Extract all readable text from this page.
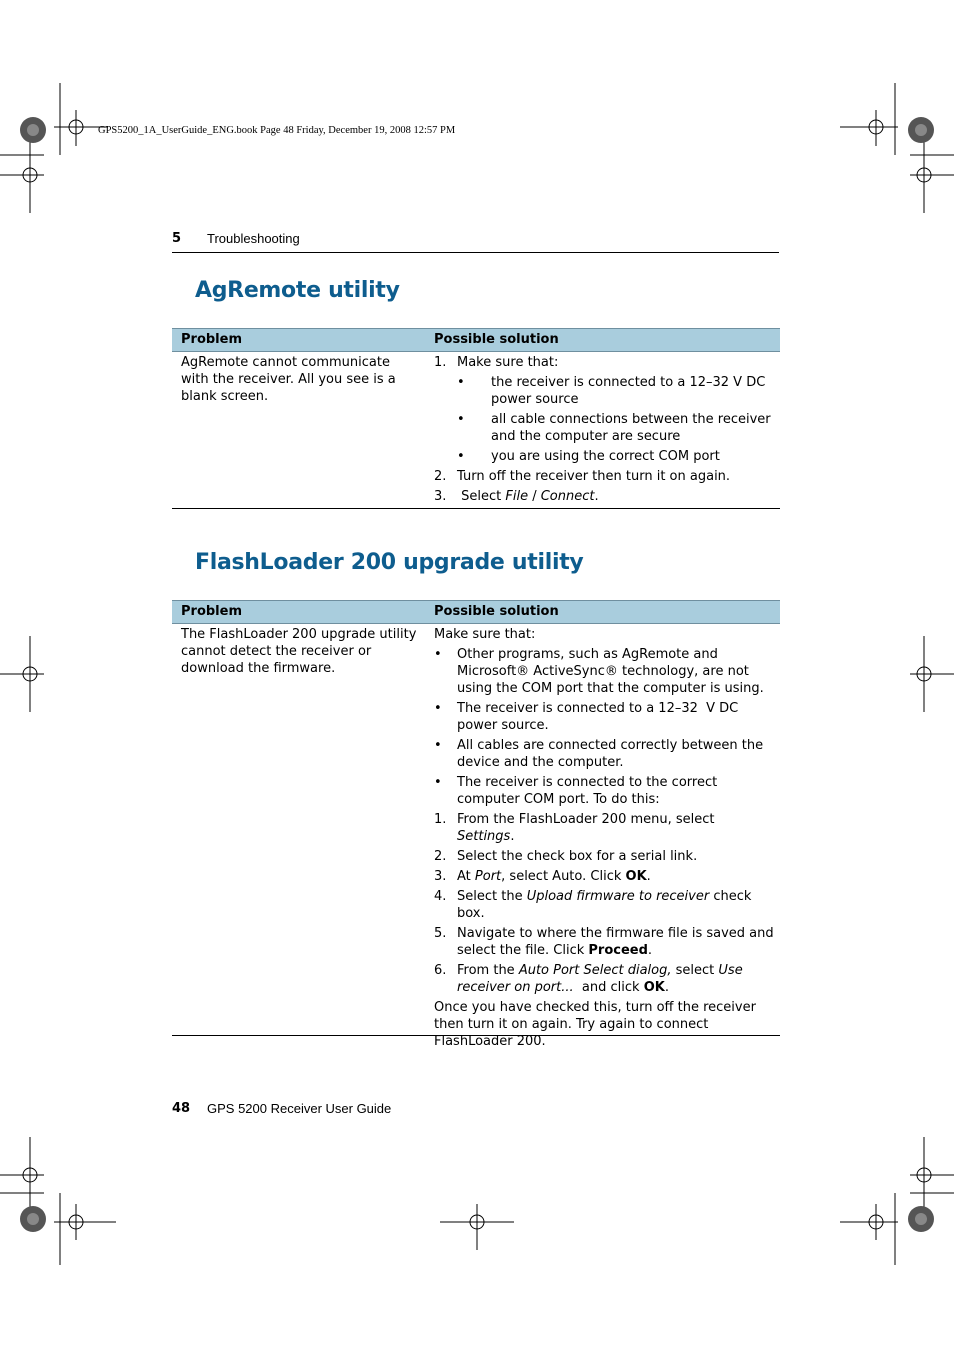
GPS5200_1A_UserGuide_ENG.book Page 48 Friday, December 19, 2008 12:57 PM
5 Troubleshooting
AgRemote utility
Problem	Possible solution
AgRemote cannot communicate with the receiver. All you see is a blank screen.
1. Make sure that:
•	the receiver is connected to a 12–32 V DC power source
•	all cable connections between the receiver and the computer are secure
•	you are using the correct COM port
2. Turn off the receiver then turn it on again.
3. Select File / Connect.
FlashLoader 200 upgrade utility
Problem	Possible solution
The FlashLoader 200 upgrade utility cannot detect the receiver or download the firmware.
Make sure that:
•	Other programs, such as AgRemote and Microsoft® ActiveSync® technology, are not using the COM port that the computer is using.
•	The receiver is connected to a 12–32  V DC power source.
•	All cables are connected correctly between the device and the computer.
•	The receiver is connected to the correct computer COM port. To do this:
1. From the FlashLoader 200 menu, select Settings.
2. Select the check box for a serial link.
3. At Port, select Auto. Click OK.
4. Select the Upload firmware to receiver check box.
5. Navigate to where the firmware file is saved and select the file. Click Proceed.
6. From the Auto Port Select dialog, select Use receiver on port...  and click OK.
Once you have checked this, turn off the receiver then turn it on again. Try again to connect FlashLoader 200.
48 GPS 5200 Receiver User Guide
